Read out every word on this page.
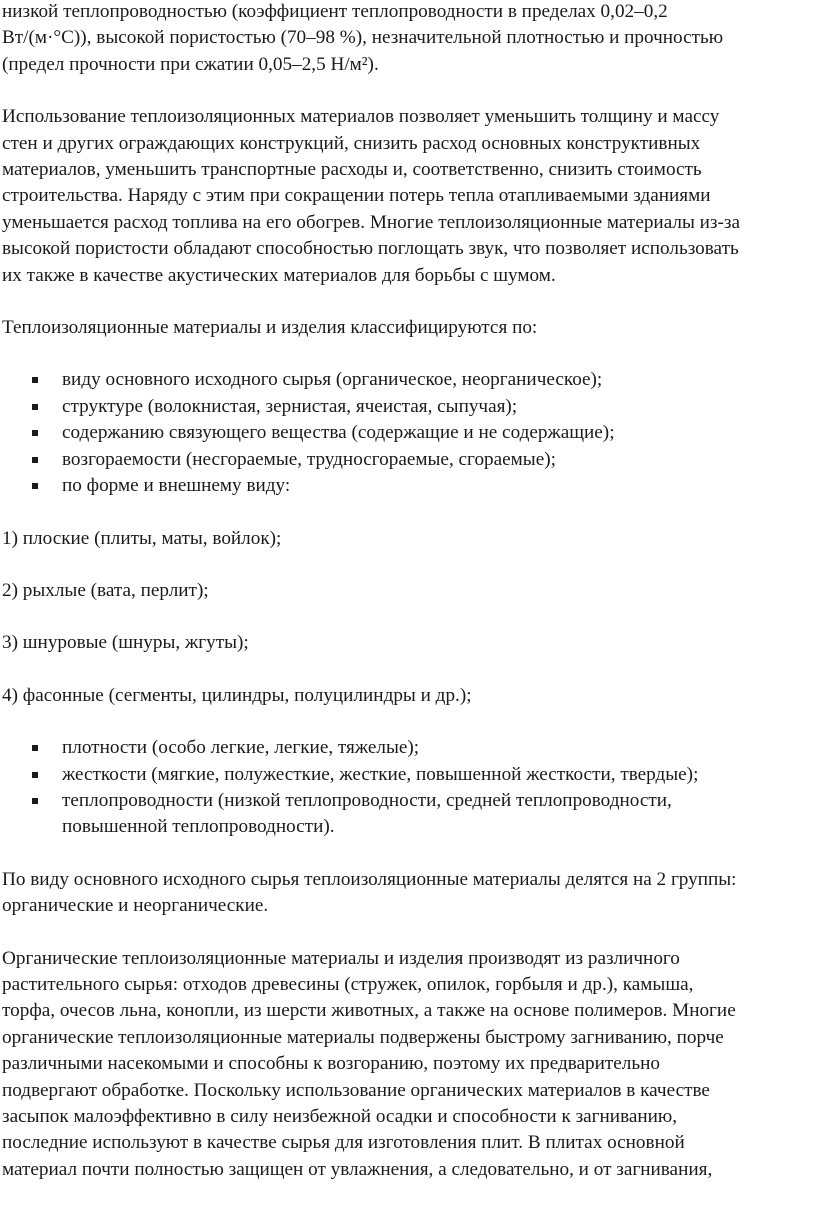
низкой теплопроводностью (коэффициент теплопроводности в пределах 0,02–0,2

Вт/(м·°С)), высокой пористостью (70–98 %), незначительной плотностью и прочностью

(предел прочности при сжатии 0,05–2,5 Н/м²).

Использование теплоизоляционных материалов позволяет уменьшить толщину и массу

стен и других ограждающих конструкций, снизить расход основных конструктивных

материалов, уменьшить транспортные расходы и, соответственно, снизить стоимость

строительства. Наряду с этим при сокращении потерь тепла отапливаемыми зданиями

уменьшается расход топлива на его обогрев. Многие теплоизоляционные материалы из-за

высокой пористости обладают способностью поглощать звук, что позволяет использовать

их также в качестве акустических материалов для борьбы с шумом.

Теплоизоляционные материалы и изделия классифицируются по:

виду основного исходного сырья (органическое, неорганическое);
структуре (волокнистая, зернистая, ячеистая, сыпучая);
содержанию связующего вещества (содержащие и не содержащие);
возгораемости (несгораемые, трудносгораемые, сгораемые);
по форме и внешнему виду:

1) плоские (плиты, маты, войлок);

2) рыхлые (вата, перлит);

3) шнуровые (шнуры, жгуты);

4) фасонные (сегменты, цилиндры, полуцилиндры и др.);

плотности (особо легкие, легкие, тяжелые);
жесткости (мягкие, полужесткие, жесткие, повышенной жесткости, твердые);
теплопроводности (низкой теплопроводности, средней теплопроводности,
повышенной теплопроводности).

По виду основного исходного сырья теплоизоляционные материалы делятся на 2 группы:

органические и неорганические.

Органические теплоизоляционные материалы и изделия производят из различного

растительного сырья: отходов древесины (стружек, опилок, горбыля и др.), камыша,

торфа, очесов льна, конопли, из шерсти животных, а также на основе полимеров. Многие

органические теплоизоляционные материалы подвержены быстрому загниванию, порче

различными насекомыми и способны к возгоранию, поэтому их предварительно

подвергают обработке. Поскольку использование органических материалов в качестве

засыпок малоэффективно в силу неизбежной осадки и способности к загниванию,

последние используют в качестве сырья для изготовления плит. В плитах основной

материал почти полностью защищен от увлажнения, а следовательно, и от загнивания,
